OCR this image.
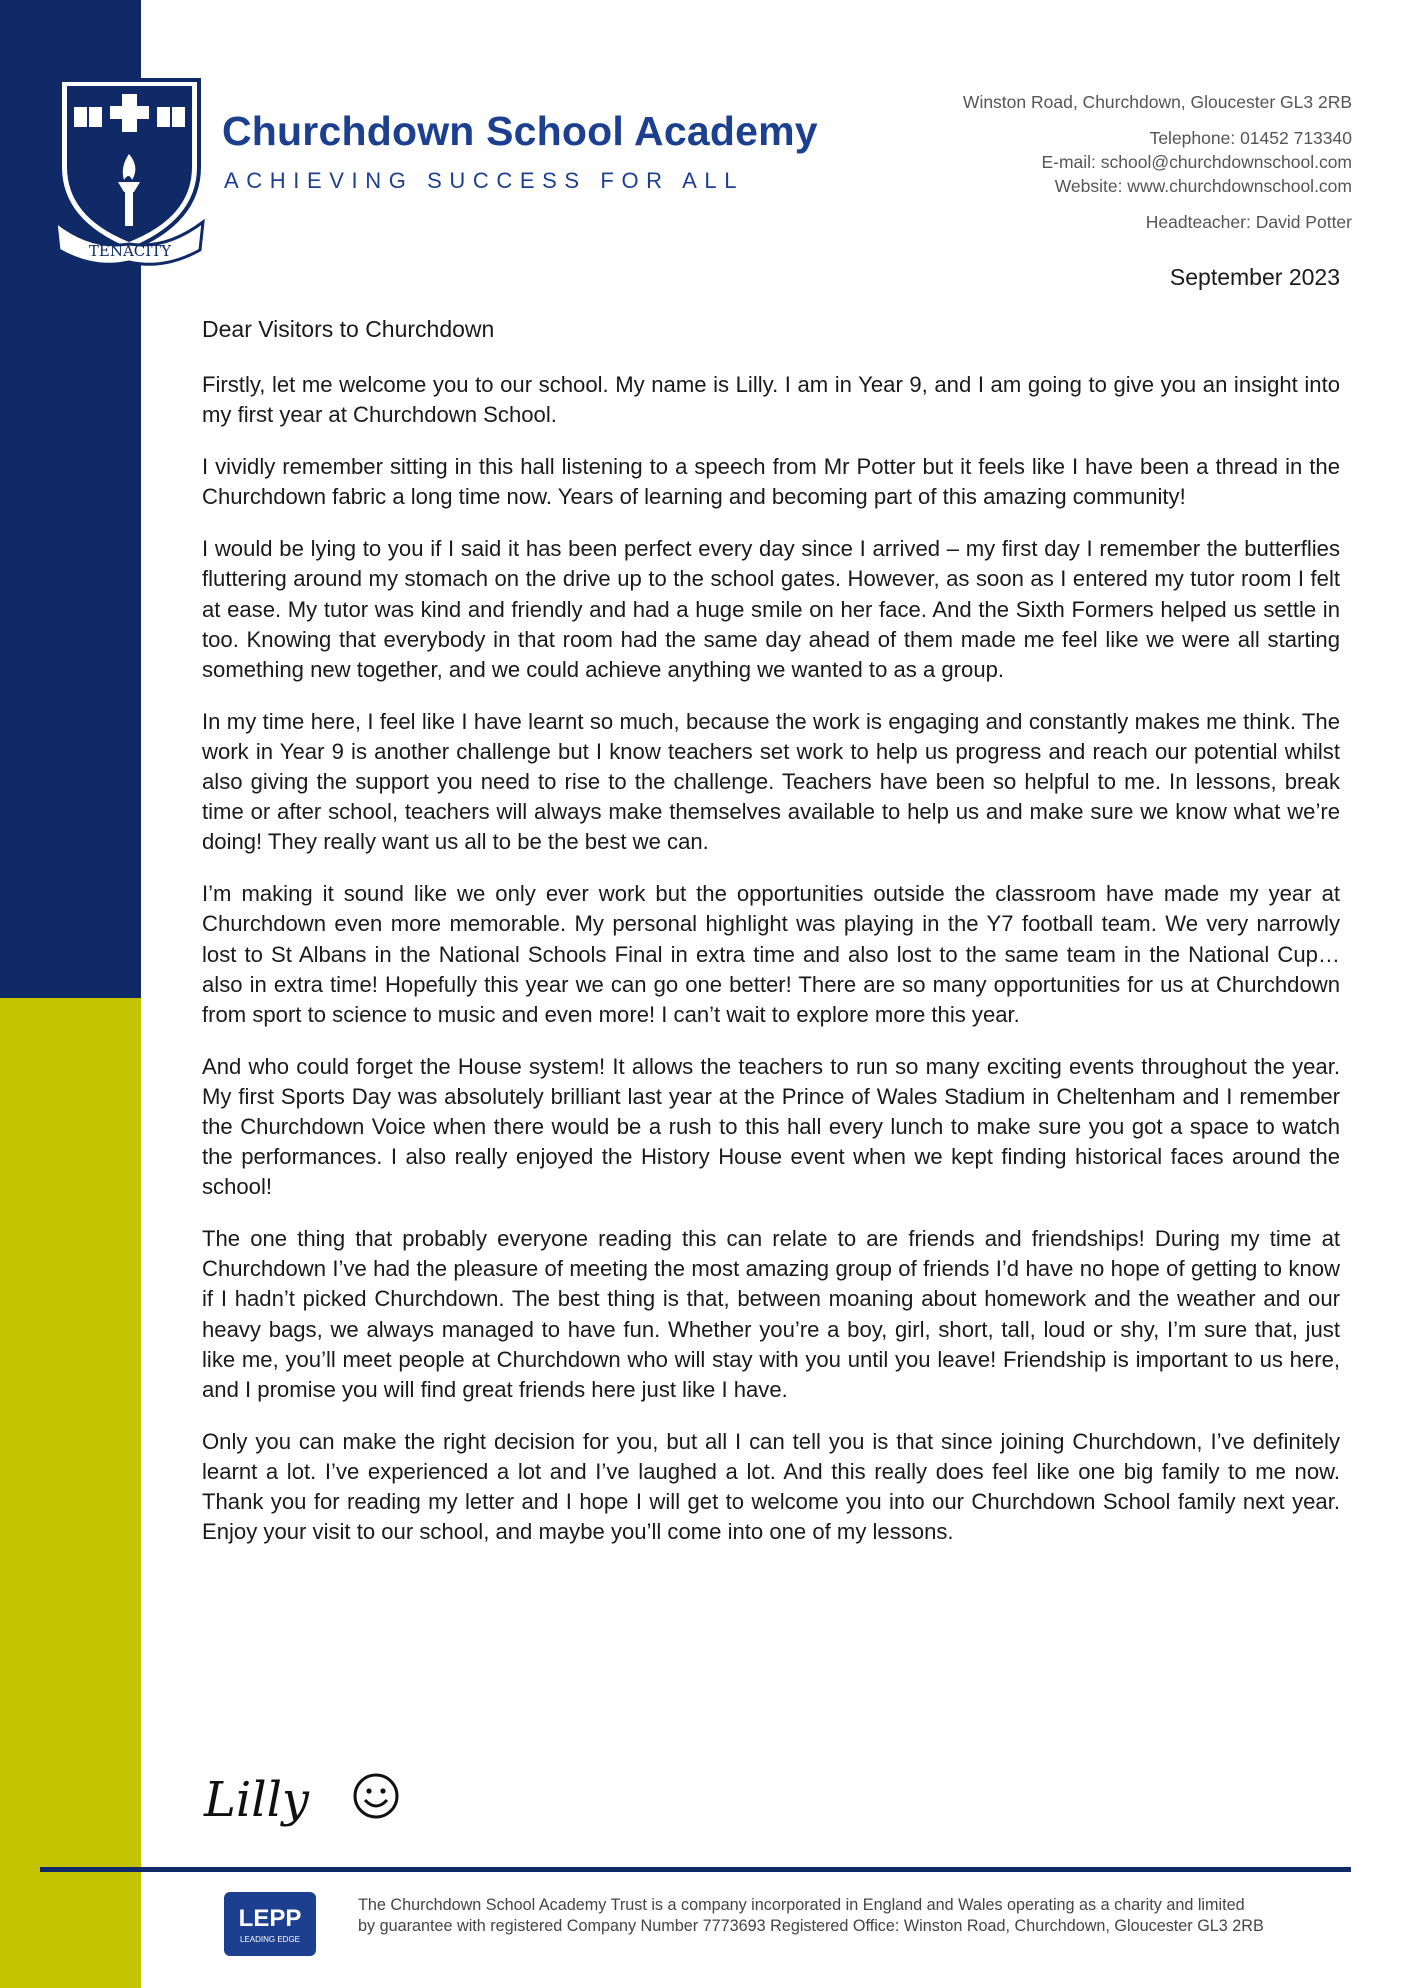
TENACITY
Churchdown School Academy
ACHIEVING SUCCESS FOR ALL
Winston Road, Churchdown, Gloucester GL3 2RB
Telephone: 01452 713340
E-mail: school@churchdownschool.com
Website: www.churchdownschool.com
Headteacher: David Potter
September 2023
Dear Visitors to Churchdown

Firstly, let me welcome you to our school. My name is Lilly. I am in Year 9, and I am going to give you an insight into my first year at Churchdown School.

I vividly remember sitting in this hall listening to a speech from Mr Potter but it feels like I have been a thread in the Churchdown fabric a long time now. Years of learning and becoming part of this amazing community!

I would be lying to you if I said it has been perfect every day since I arrived – my first day I remember the butterflies fluttering around my stomach on the drive up to the school gates. However, as soon as I entered my tutor room I felt at ease. My tutor was kind and friendly and had a huge smile on her face. And the Sixth Formers helped us settle in too. Knowing that everybody in that room had the same day ahead of them made me feel like we were all starting something new together, and we could achieve anything we wanted to as a group.

In my time here, I feel like I have learnt so much, because the work is engaging and constantly makes me think. The work in Year 9 is another challenge but I know teachers set work to help us progress and reach our potential whilst also giving the support you need to rise to the challenge. Teachers have been so helpful to me. In lessons, break time or after school, teachers will always make themselves available to help us and make sure we know what we’re doing! They really want us all to be the best we can.

I’m making it sound like we only ever work but the opportunities outside the classroom have made my year at Churchdown even more memorable. My personal highlight was playing in the Y7 football team. We very narrowly lost to St Albans in the National Schools Final in extra time and also lost to the same team in the National Cup… also in extra time! Hopefully this year we can go one better! There are so many opportunities for us at Churchdown from sport to science to music and even more! I can’t wait to explore more this year.

And who could forget the House system! It allows the teachers to run so many exciting events throughout the year. My first Sports Day was absolutely brilliant last year at the Prince of Wales Stadium in Cheltenham and I remember the Churchdown Voice when there would be a rush to this hall every lunch to make sure you got a space to watch the performances. I also really enjoyed the History House event when we kept finding historical faces around the school!

The one thing that probably everyone reading this can relate to are friends and friendships! During my time at Churchdown I’ve had the pleasure of meeting the most amazing group of friends I’d have no hope of getting to know if I hadn’t picked Churchdown. The best thing is that, between moaning about homework and the weather and our heavy bags, we always managed to have fun. Whether you’re a boy, girl, short, tall, loud or shy, I’m sure that, just like me, you’ll meet people at Churchdown who will stay with you until you leave! Friendship is important to us here, and I promise you will find great friends here just like I have.

Only you can make the right decision for you, but all I can tell you is that since joining Churchdown, I’ve definitely learnt a lot. I’ve experienced a lot and I’ve laughed a lot. And this really does feel like one big family to me now. Thank you for reading my letter and I hope I will get to welcome you into our Churchdown School family next year. Enjoy your visit to our school, and maybe you’ll come into one of my lessons.

Lilly
LEPP
LEADING EDGE
The Churchdown School Academy Trust is a company incorporated in England and Wales operating as a charity and limited
by guarantee with registered Company Number 7773693 Registered Office: Winston Road, Churchdown, Gloucester GL3 2RB
